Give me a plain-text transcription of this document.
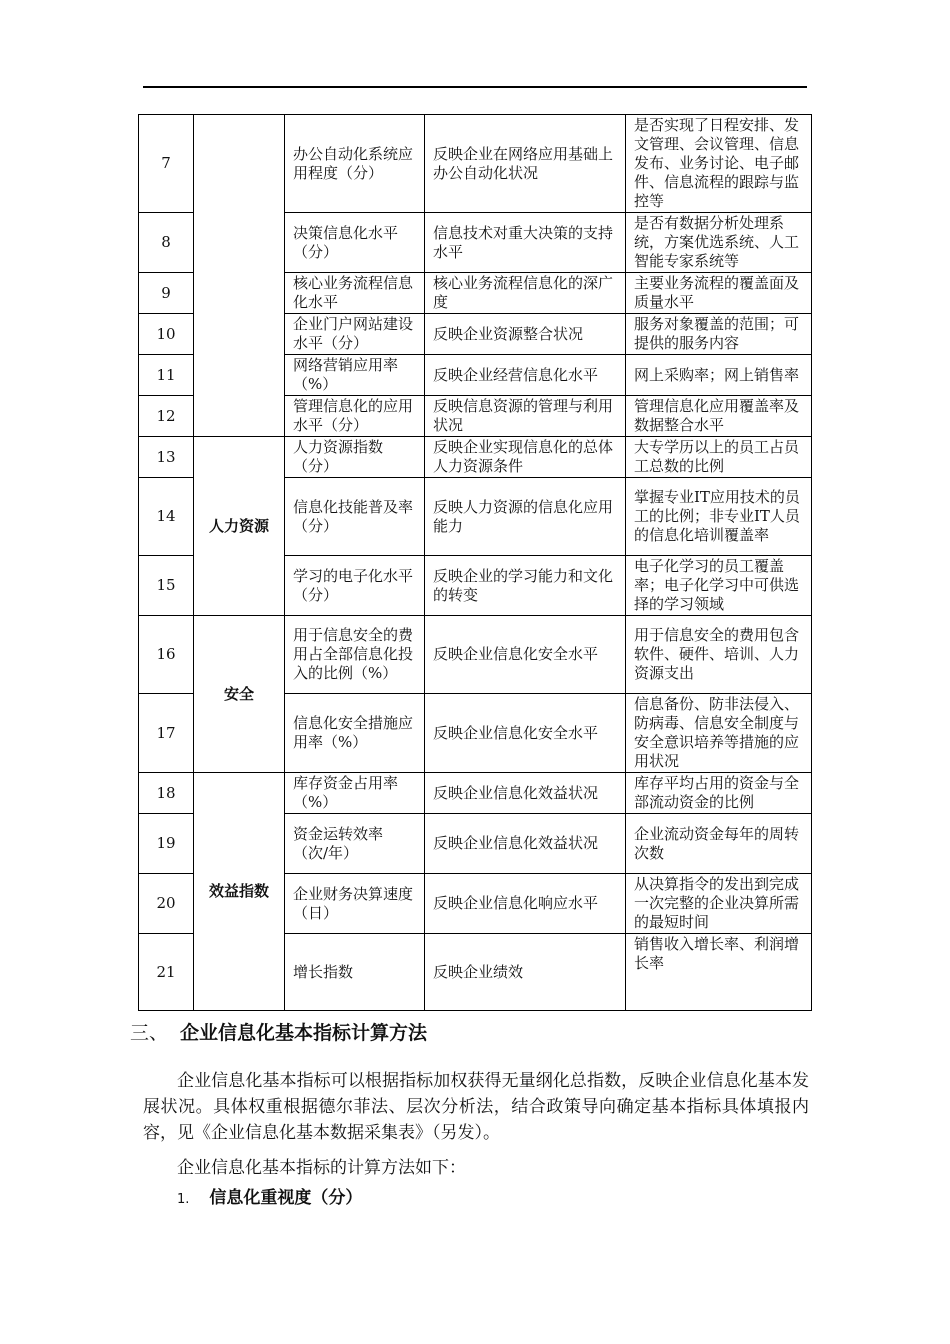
7		办公自动化系统应用程度（分）	反映企业在网络应用基础上办公自动化状况	是否实现了日程安排、发文管理、会议管理、信息发布、业务讨论、电子邮件、信息流程的跟踪与监控等
8		决策信息化水平（分）	信息技术对重大决策的支持水平	是否有数据分析处理系统，方案优选系统、人工智能专家系统等
9		核心业务流程信息化水平	核心业务流程信息化的深广度	主要业务流程的覆盖面及质量水平
10		企业门户网站建设水平（分）	反映企业资源整合状况	服务对象覆盖的范围；可提供的服务内容
11		网络营销应用率（%）	反映企业经营信息化水平	网上采购率；网上销售率
12		管理信息化的应用水平（分）	反映信息资源的管理与利用状况	管理信息化应用覆盖率及数据整合水平
13	人力资源	人力资源指数（分）	反映企业实现信息化的总体人力资源条件	大专学历以上的员工占员工总数的比例
14		信息化技能普及率（分）	反映人力资源的信息化应用能力	掌握专业IT应用技术的员工的比例；非专业IT人员的信息化培训覆盖率
15		学习的电子化水平（分）	反映企业的学习能力和文化的转变	电子化学习的员工覆盖率；电子化学习中可供选择的学习领域
16	安全	用于信息安全的费用占全部信息化投入的比例（%）	反映企业信息化安全水平	用于信息安全的费用包含软件、硬件、培训、人力资源支出
17		信息化安全措施应用率（%）	反映企业信息化安全水平	信息备份、防非法侵入、防病毒、信息安全制度与安全意识培养等措施的应用状况
18	效益指数	库存资金占用率（%）	反映企业信息化效益状况	库存平均占用的资金与全部流动资金的比例
19		资金运转效率（次/年）	反映企业信息化效益状况	企业流动资金每年的周转次数
20		企业财务决算速度（日）	反映企业信息化响应水平	从决算指令的发出到完成一次完整的企业决算所需的最短时间
21		增长指数	反映企业绩效	销售收入增长率、利润增长率
三、 企业信息化基本指标计算方法
企业信息化基本指标可以根据指标加权获得无量纲化总指数，反映企业信息化基本发展状况。具体权重根据德尔菲法、层次分析法，结合政策导向确定基本指标具体填报内容，见《企业信息化基本数据采集表》（另发）。
企业信息化基本指标的计算方法如下：
1. 信息化重视度（分）
